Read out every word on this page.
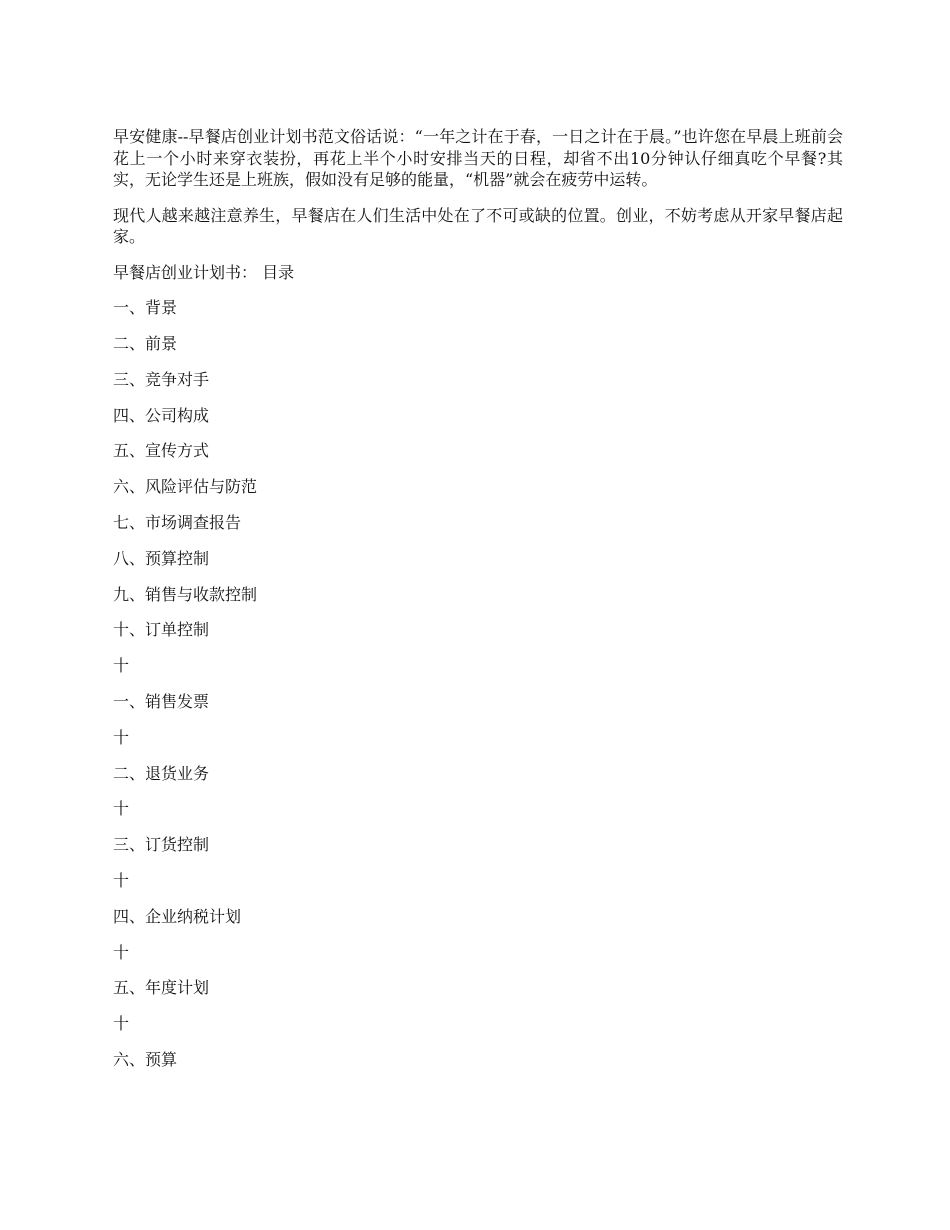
早安健康--早餐店创业计划书范文俗话说：“一年之计在于春，一日之计在于晨。”也许您在早晨上班前会花上一个小时来穿衣装扮，再花上半个小时安排当天的日程，却省不出10分钟认仔细真吃个早餐?其实，无论学生还是上班族，假如没有足够的能量，“机器”就会在疲劳中运转。

现代人越来越注意养生，早餐店在人们生活中处在了不可或缺的位置。创业，不妨考虑从开家早餐店起家。

早餐店创业计划书： 目录
一、背景
二、前景
三、竞争对手
四、公司构成
五、宣传方式
六、风险评估与防范
七、市场调查报告
八、预算控制
九、销售与收款控制
十、订单控制
十
一、销售发票
十
二、退货业务
十
三、订货控制
十
四、企业纳税计划
十
五、年度计划
十
六、预算
